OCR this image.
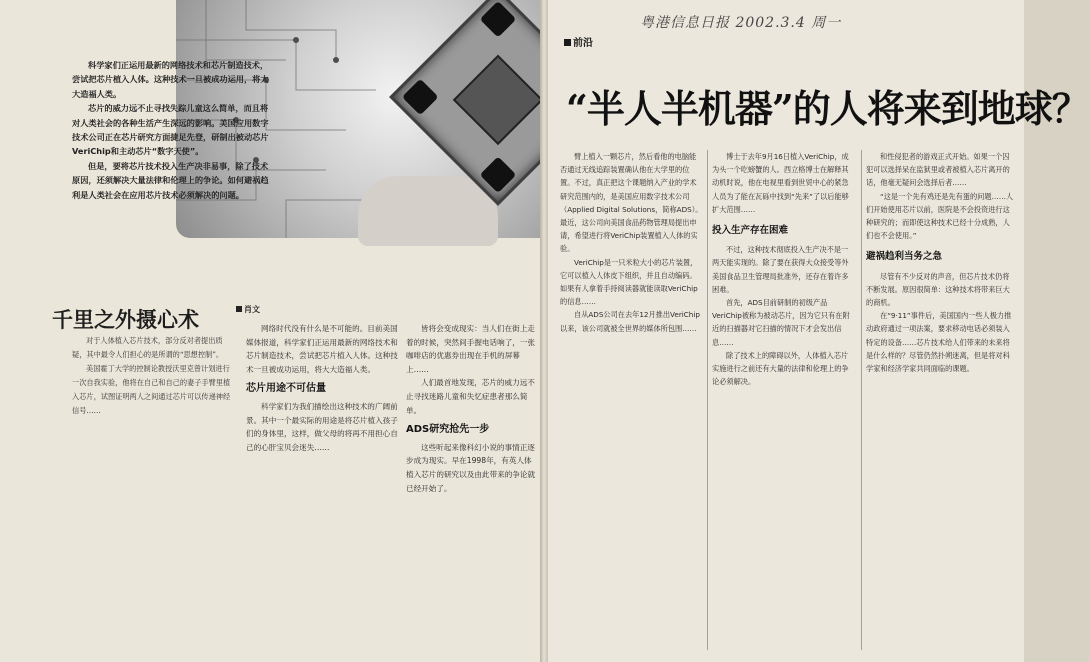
科学家们正运用最新的网络技术和芯片制造技术，尝试把芯片植入人体。这种技术一旦被成功运用，将大大造福人类。

芯片的威力远不止寻找失踪儿童这么简单，而且将对人类社会的各种生活产生深远的影响。美国应用数字技术公司正在芯片研究方面捷足先登，研制出被动芯片VeriChip和主动芯片“数字天使”。

但是，要将芯片技术投入生产决非易事，除了技术原因，还须解决大量法律和伦理上的争论。如何避祸趋利是人类社会在应用芯片技术必须解决的问题。

千里之外摄心术

对于人体植入芯片技术，部分反对者提出质疑，其中最令人们担心的是所谓的“思想控制”。

美国霍丁大学的控制论教授沃里克曾计划进行一次自我实验，他将在自己和自己的妻子手臂里植入芯片，试图证明两人之间通过芯片可以传递神经信号……

肖文

网络时代没有什么是不可能的。目前美国媒体报道，科学家们正运用最新的网络技术和芯片制造技术，尝试把芯片植入人体。这种技术一旦被成功运用，将大大造福人类。

芯片用途不可估量

科学家们为我们描绘出这种技术的广阔前景。其中一个最实际的用途是将芯片植入孩子们的身体里，这样，做父母的将再不用担心自己的心肝宝贝会迷失……

皆将会变成现实：当人们在街上走着的时候，突然间手握电话响了，一张咖啡店的优惠券出现在手机的屏幕上……

人们最首地发现，芯片的威力远不止寻找迷路儿童和失忆症患者那么简单。

ADS研究抢先一步

这些听起来像科幻小说的事情正逐步成为现实。早在1998年，有英人体植入芯片的研究以及由此带来的争论就已经开始了。

前沿
粤港信息日报 2002.3.4 周一
“半人半机器”的人将来到地球？

臂上植入一颗芯片，然后看他的电脑能否通过无线追踪装置确认他在大学里的位置。不过，真正把这个课题纳入产业的学术研究范围内的，是美国应用数字技术公司（Applied Digital Solutions，简称ADS）。最近，这公司向美国食品药物管理局提出申请，希望进行将VeriChip装置植入人体的实验。

VeriChip是一只米粒大小的芯片装置，它可以植入人体皮下组织，并且自动编码。如果有人拿着手持阅读器就能读取VeriChip的信息……

自从ADS公司在去年12月推出VeriChip以来，该公司就被全世界的媒体所包围……

博士于去年9月16日植入VeriChip，成为头一个吃螃蟹的人。西立格博士在解释其动机时说，他在电视里看到世贸中心的紧急人员为了能在瓦砾中找到“先来”了以后能够扩大范围……

投入生产存在困难

不过，这种技术彻底投入生产决不是一两天能实现的。除了要在获得大众接受等外美国食品卫生管理局批准外，还存在着许多困难。

首先，ADS目前研制的初级产品VeriChip被称为被动芯片，因为它只有在附近的扫描器对它扫描的情况下才会发出信息……

除了技术上的障碍以外，人体植入芯片实施进行之前还有大量的法律和伦理上的争论必须解决。

和性侵犯者的游戏正式开始。如果一个囚犯可以选择呆在监狱里或者被植入芯片离开的话，他毫无疑问会选择后者……

“这是一个先有鸡还是先有蛋的问题……人们开始使用芯片以前，医院是不会投资进行这种研究的；而即使这种技术已经十分成熟，人们也不会使用。”

避祸趋利当务之急

尽管有不少反对的声音，但芯片技术仍将不断发展。原因很简单：这种技术将带来巨大的商机。

在“9·11”事件后，美国国内一些人极力推动政府通过一项法案，要求移动电话必须装入特定的设备……芯片技术给人们带来的未来将是什么样的？尽管仍然扑朔迷离，但是将对科学家和经济学家共同面临的课题。
